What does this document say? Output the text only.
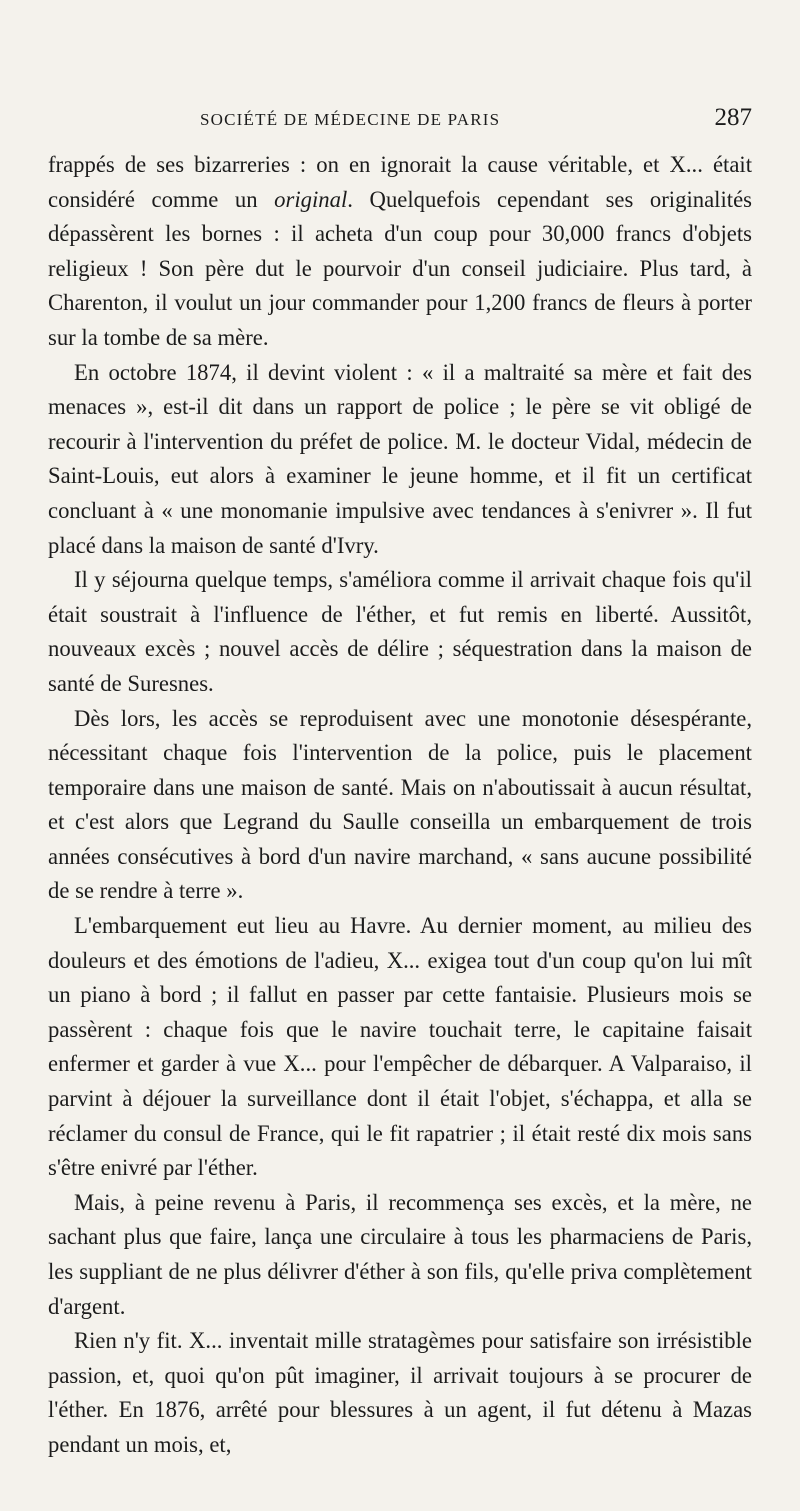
SOCIÉTÉ DE MÉDECINE DE PARIS	287

frappés de ses bizarreries : on en ignorait la cause véritable, et X... était considéré comme un original. Quelquefois cependant ses originalités dépassèrent les bornes : il acheta d'un coup pour 30,000 francs d'objets religieux ! Son père dut le pourvoir d'un conseil judiciaire. Plus tard, à Charenton, il voulut un jour commander pour 1,200 francs de fleurs à porter sur la tombe de sa mère.

En octobre 1874, il devint violent : « il a maltraité sa mère et fait des menaces », est-il dit dans un rapport de police ; le père se vit obligé de recourir à l'intervention du préfet de police. M. le docteur Vidal, médecin de Saint-Louis, eut alors à examiner le jeune homme, et il fit un certificat concluant à « une monomanie impulsive avec tendances à s'enivrer ». Il fut placé dans la maison de santé d'Ivry.

Il y séjourna quelque temps, s'améliora comme il arrivait chaque fois qu'il était soustrait à l'influence de l'éther, et fut remis en liberté. Aussitôt, nouveaux excès ; nouvel accès de délire ; séquestration dans la maison de santé de Suresnes.

Dès lors, les accès se reproduisent avec une monotonie désespérante, nécessitant chaque fois l'intervention de la police, puis le placement temporaire dans une maison de santé. Mais on n'aboutissait à aucun résultat, et c'est alors que Legrand du Saulle conseilla un embarquement de trois années consécutives à bord d'un navire marchand, « sans aucune possibilité de se rendre à terre ».

L'embarquement eut lieu au Havre. Au dernier moment, au milieu des douleurs et des émotions de l'adieu, X... exigea tout d'un coup qu'on lui mît un piano à bord ; il fallut en passer par cette fantaisie. Plusieurs mois se passèrent : chaque fois que le navire touchait terre, le capitaine faisait enfermer et garder à vue X... pour l'empêcher de débarquer. A Valparaiso, il parvint à déjouer la surveillance dont il était l'objet, s'échappa, et alla se réclamer du consul de France, qui le fit rapatrier ; il était resté dix mois sans s'être enivré par l'éther.

Mais, à peine revenu à Paris, il recommença ses excès, et la mère, ne sachant plus que faire, lança une circulaire à tous les pharmaciens de Paris, les suppliant de ne plus délivrer d'éther à son fils, qu'elle priva complètement d'argent.

Rien n'y fit. X... inventait mille stratagèmes pour satisfaire son irrésistible passion, et, quoi qu'on pût imaginer, il arrivait toujours à se procurer de l'éther. En 1876, arrêté pour blessures à un agent, il fut détenu à Mazas pendant un mois, et,
